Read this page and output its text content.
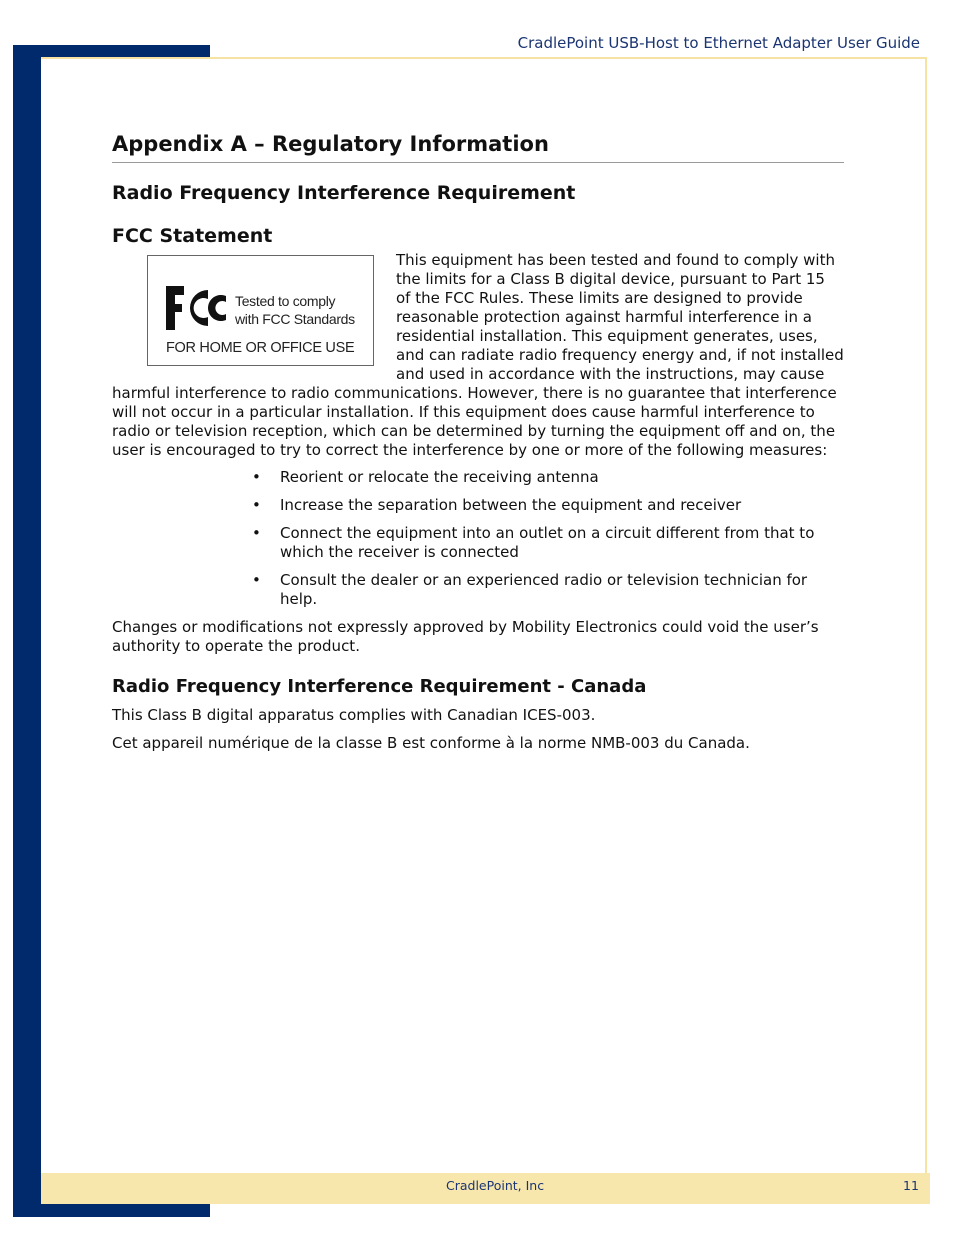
CradlePoint USB-Host to Ethernet Adapter User Guide
Appendix A – Regulatory Information
Radio Frequency Interference Requirement
FCC Statement
Tested to comply
with FCC Standards
FOR HOME OR OFFICE USE

This equipment has been tested and found to comply with the limits for a Class B digital device, pursuant to Part 15 of the FCC Rules. These limits are designed to provide reasonable protection against harmful interference in a residential installation. This equipment generates, uses, and can radiate radio frequency energy and, if not installed and used in accordance with the instructions, may cause harmful interference to radio communications. However, there is no guarantee that interference will not occur in a particular installation. If this equipment does cause harmful interference to radio or television reception, which can be determined by turning the equipment off and on, the user is encouraged to try to correct the interference by one or more of the following measures:

• Reorient or relocate the receiving antenna
• Increase the separation between the equipment and receiver
• Connect the equipment into an outlet on a circuit different from that to which the receiver is connected
• Consult the dealer or an experienced radio or television technician for help.

Changes or modifications not expressly approved by Mobility Electronics could void the user’s authority to operate the product.

Radio Frequency Interference Requirement - Canada

This Class B digital apparatus complies with Canadian ICES-003.

Cet appareil numérique de la classe B est conforme à la norme NMB-003 du Canada.

CradlePoint, Inc	11
